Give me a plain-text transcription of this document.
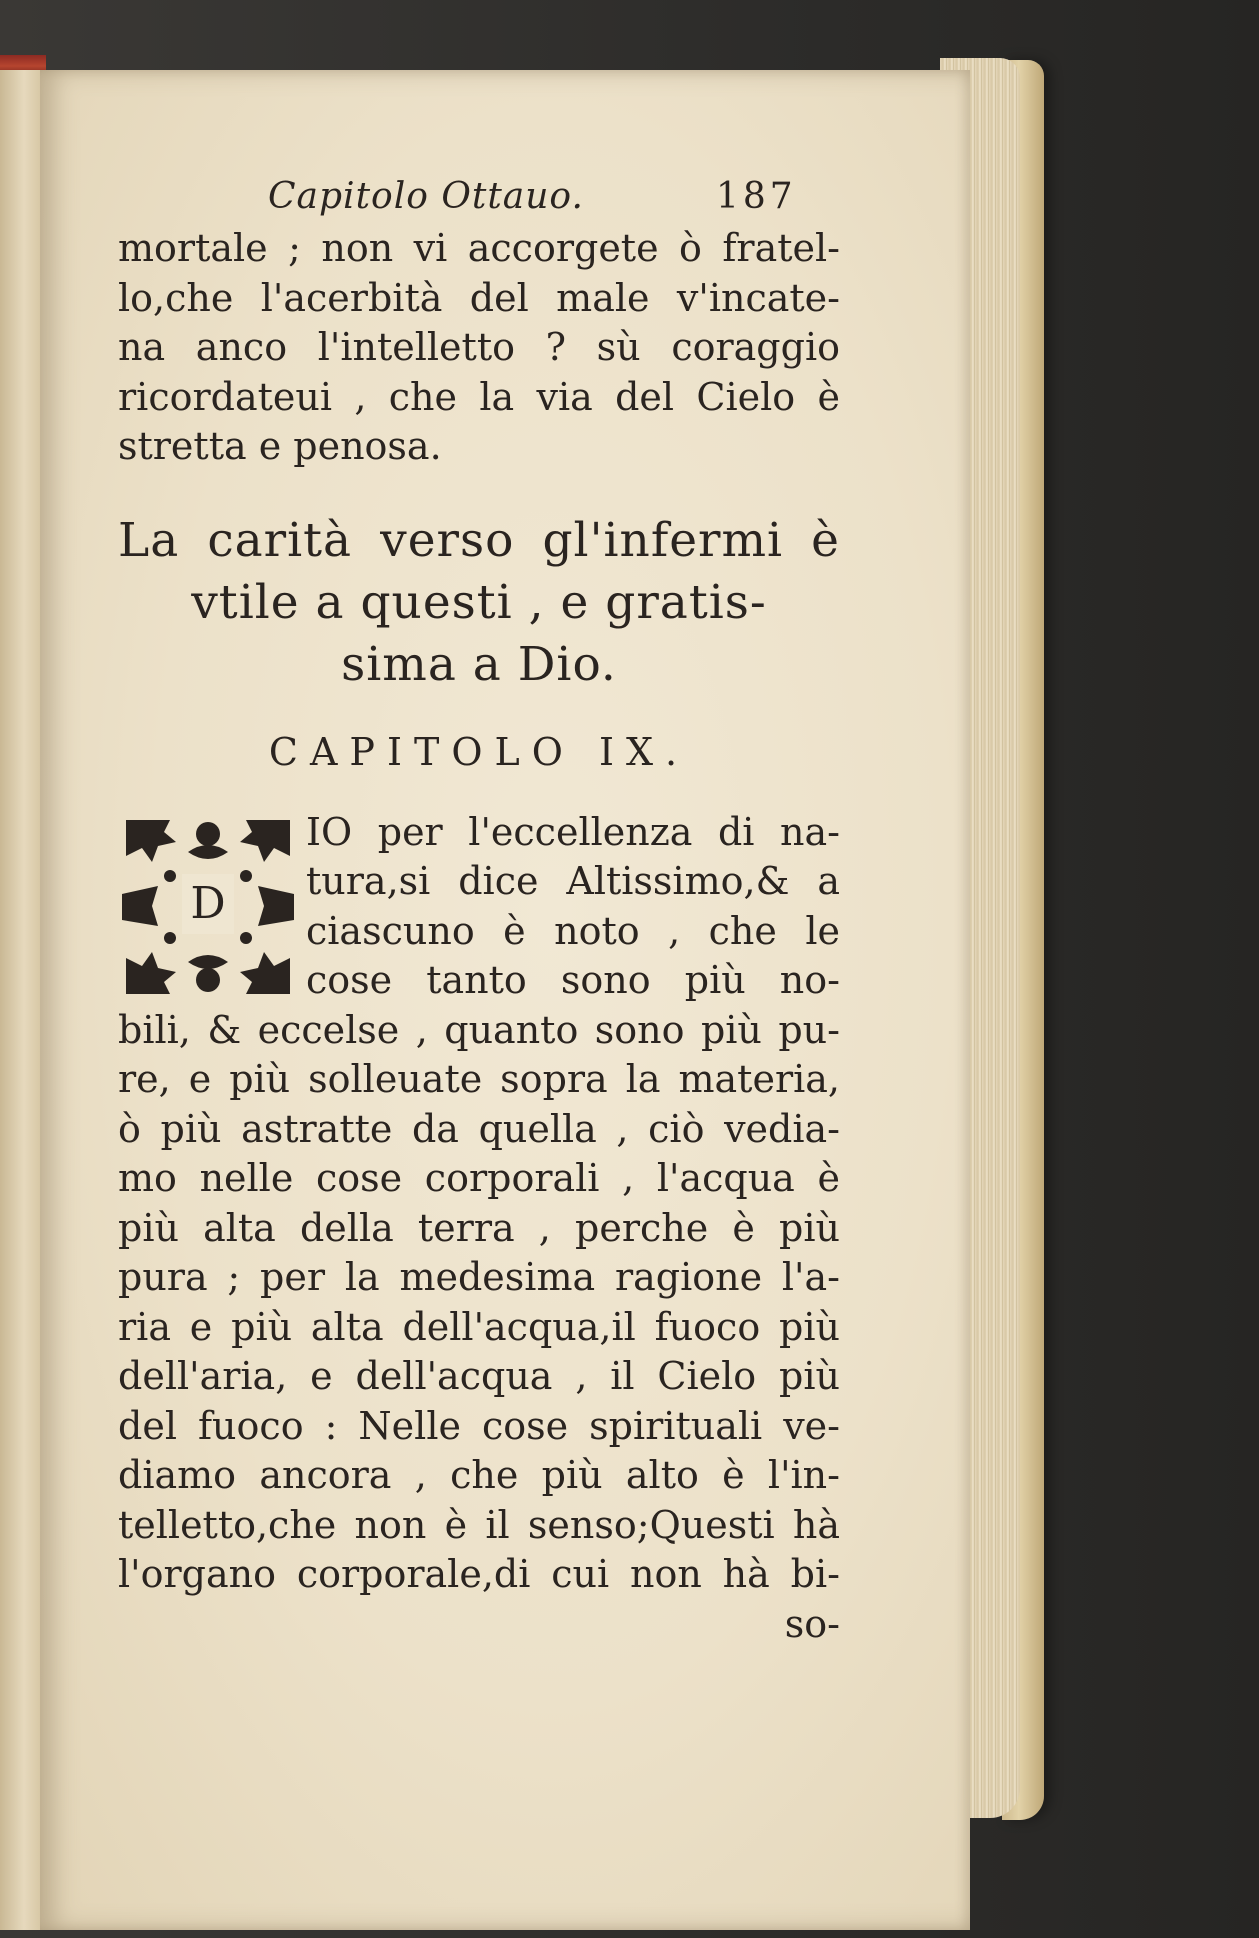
Capitolo Ottauo.	187
mortale ; non vi accorgete ò fratel-
lo,che l'acerbità del male v'incate-
na anco l'intelletto ? sù coraggio
ricordateui , che la via del Cielo è
stretta e penosa.
La carità verso gl'infermi è
vtile a questi , e gratis-
sima a Dio.
CAPITOLO IX.
D
IO per l'eccellenza di na-
tura,si dice Altissimo,& a
ciascuno è noto , che le
cose tanto sono più no-
bili, & eccelse , quanto sono più pu-
re, e più solleuate sopra la materia,
ò più astratte da quella , ciò vedia-
mo nelle cose corporali , l'acqua è
più alta della terra , perche è più
pura ; per la medesima ragione l'a-
ria e più alta dell'acqua,il fuoco più
dell'aria, e dell'acqua , il Cielo più
del fuoco : Nelle cose spirituali ve-
diamo ancora , che più alto è l'in-
telletto,che non è il senso;Questi hà
l'organo corporale,di cui non hà bi-
so-
